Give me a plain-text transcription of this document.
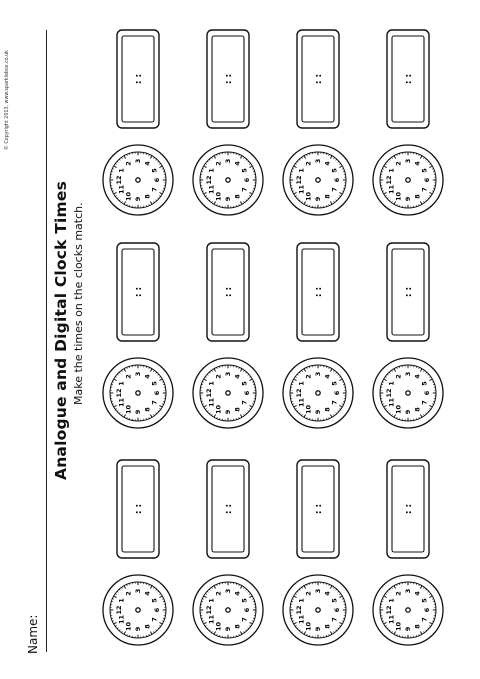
Name:
Analogue and Digital Clock Times Make the times on the clocks match.
© Copyright 2013, www.sparklebox.co.uk	: :
1
2
3
4
5
6
7
8
9
10
11
12
: :
1
2
3
4
5
6
7
8
9
10
11
12
: :
1
2
3
4
5
6
7
8
9
10
11
12
: :
1
2
3
4
5
6
7
8
9
10
11
12
: :
1
2
3
4
5
6
7
8
9
10
11
12
: :
1
2
3
4
5
6
7
8
9
10
11
12
: :
1
2
3
4
5
6
7
8
9
10
11
12
: :
1
2
3
4
5
6
7
8
9
10
11
12
: :
1
2
3
4
5
6
7
8
9
10
11
12
: :
1
2
3
4
5
6
7
8
9
10
11
12
: :
1
2
3
4
5
6
7
8
9
10
11
12
: :
1
2
3
4
5
6
7
8
9
10
11
12
